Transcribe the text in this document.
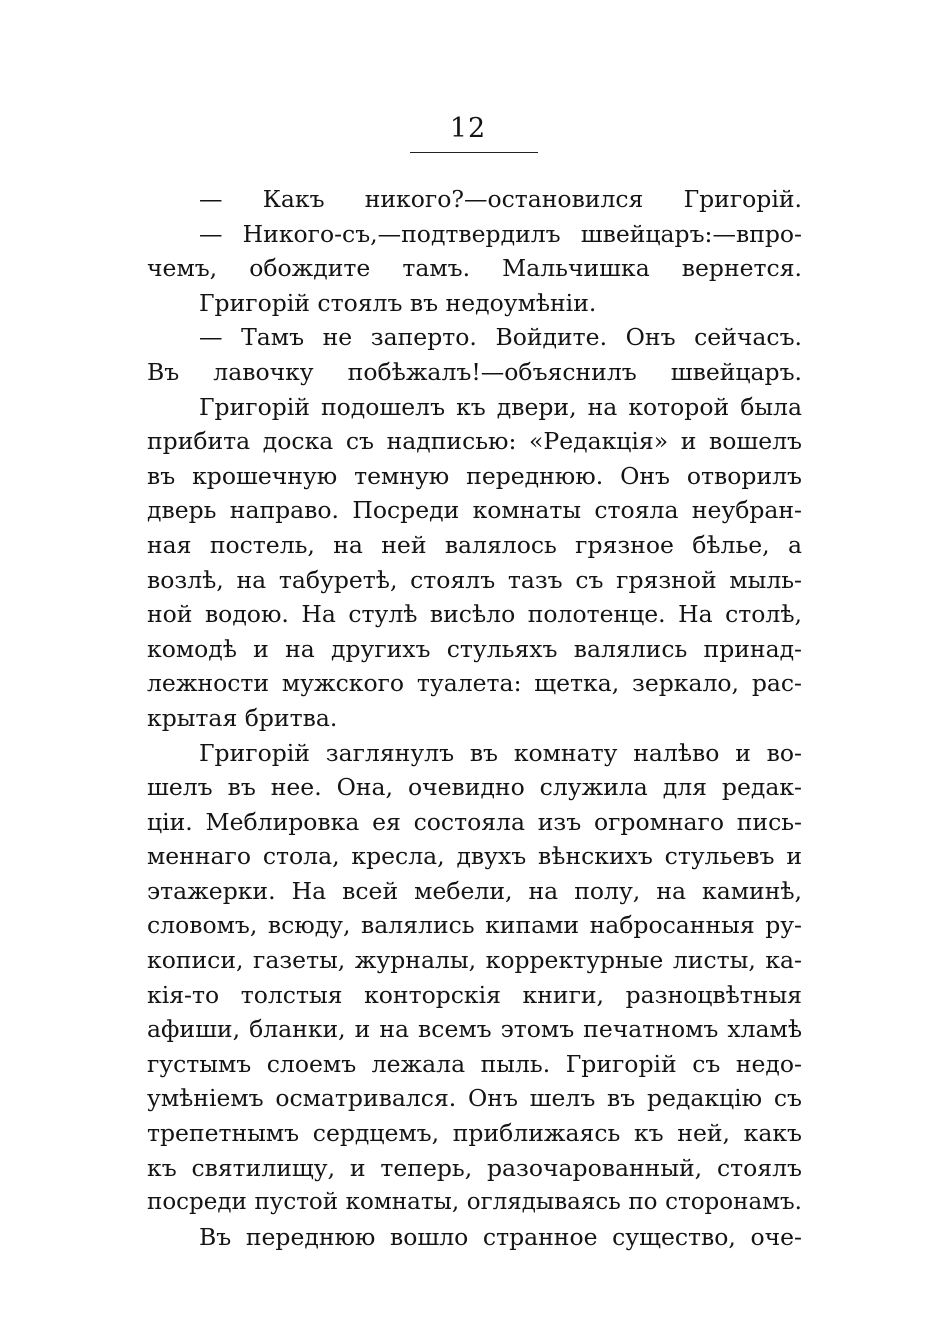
12
— Какъ никого?—остановился Григорій.
— Никого-съ,—подтвердилъ швейцаръ:—впро-
чемъ, обождите тамъ. Мальчишка вернется.
Григорій стоялъ въ недоумѣніи.
— Тамъ не заперто. Войдите. Онъ сейчасъ.
Въ лавочку побѣжалъ!—объяснилъ швейцаръ.
Григорій подошелъ къ двери, на которой была
прибита доска съ надписью: «Редакція» и вошелъ
въ крошечную темную переднюю. Онъ отворилъ
дверь направо. Посреди комнаты стояла неубран-
ная постель, на ней валялось грязное бѣлье, а
возлѣ, на табуретѣ, стоялъ тазъ съ грязной мыль-
ной водою. На стулѣ висѣло полотенце. На столѣ,
комодѣ и на другихъ стульяхъ валялись принад-
лежности мужского туалета: щетка, зеркало, рас-
крытая бритва.
Григорій заглянулъ въ комнату налѣво и во-
шелъ въ нее. Она, очевидно служила для редак-
ціи. Меблировка ея состояла изъ огромнаго пись-
меннаго стола, кресла, двухъ вѣнскихъ стульевъ и
этажерки. На всей мебели, на полу, на каминѣ,
словомъ, всюду, валялись кипами набросанныя ру-
кописи, газеты, журналы, корректурные листы, ка-
кія-то толстыя конторскія книги, разноцвѣтныя
афиши, бланки, и на всемъ этомъ печатномъ хламѣ
густымъ слоемъ лежала пыль. Григорій съ недо-
умѣніемъ осматривался. Онъ шелъ въ редакцію съ
трепетнымъ сердцемъ, приближаясь къ ней, какъ
къ святилищу, и теперь, разочарованный, стоялъ
посреди пустой комнаты, оглядываясь по сторонамъ.
Въ переднюю вошло странное существо, оче-
